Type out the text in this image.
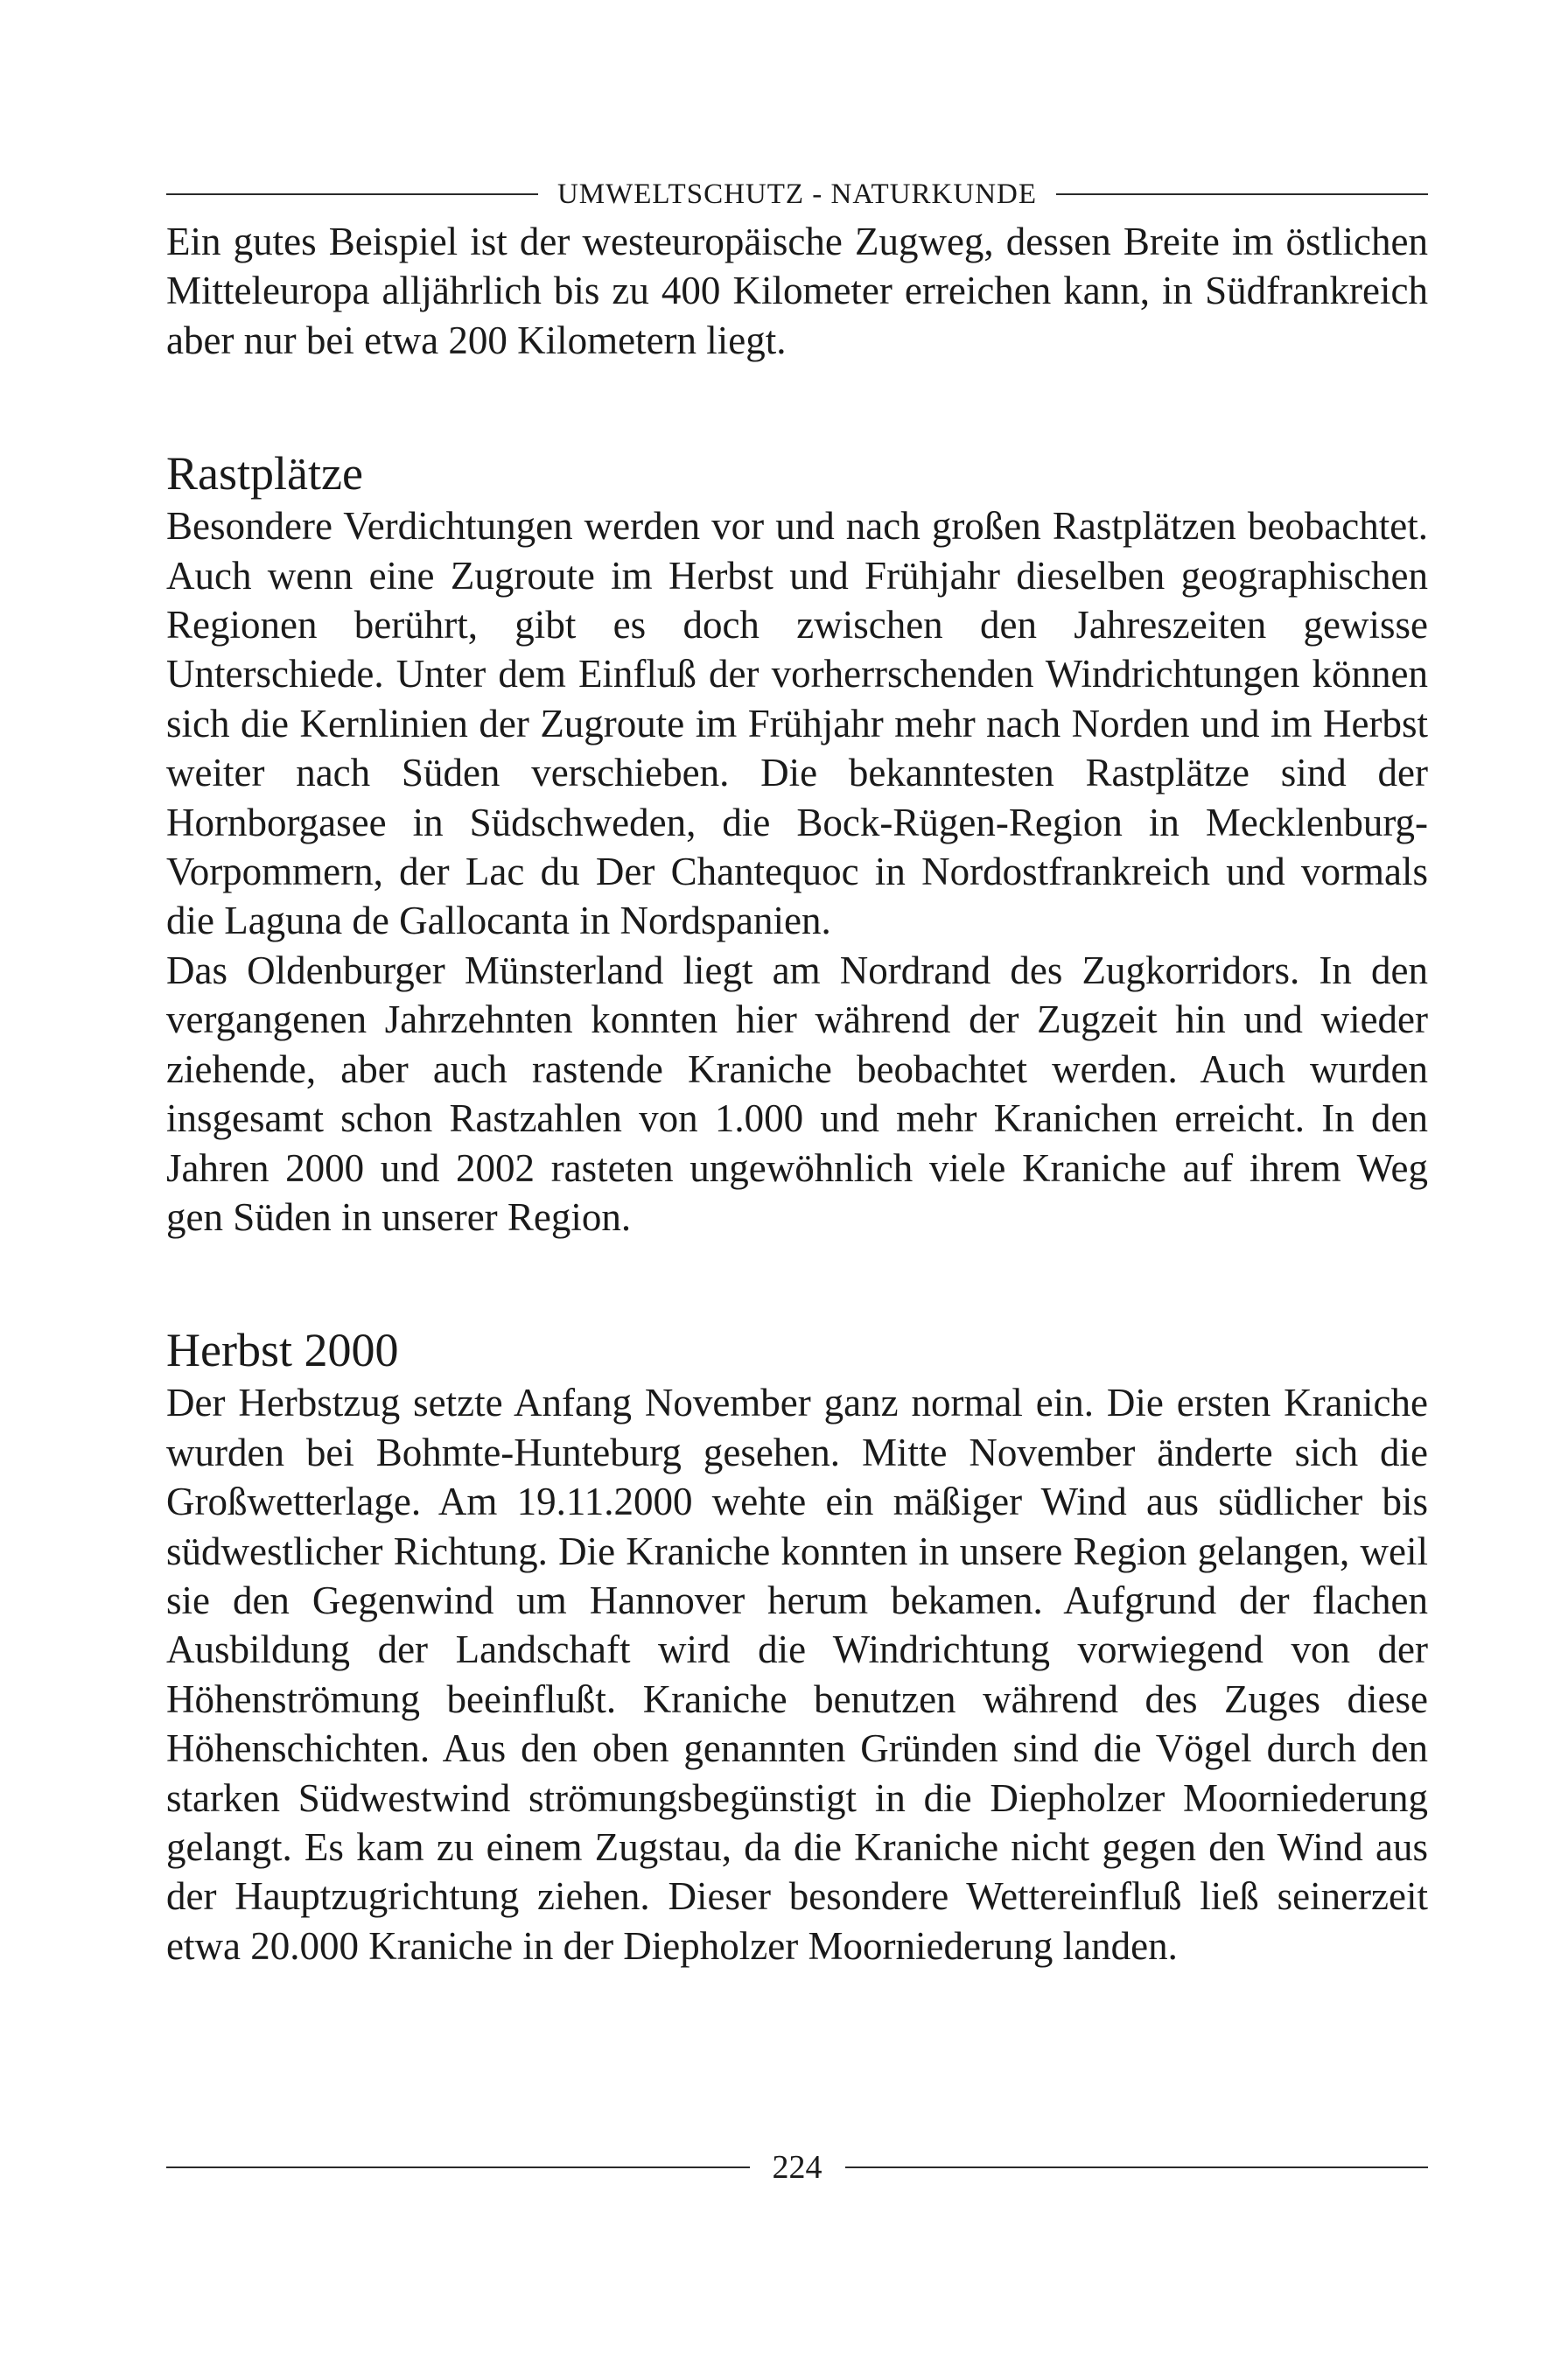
UMWELTSCHUTZ - NATURKUNDE

Ein gutes Beispiel ist der westeuropäische Zugweg, dessen Breite im östlichen Mitteleuropa alljährlich bis zu 400 Kilometer erreichen kann, in Südfrankreich aber nur bei etwa 200 Kilometern liegt.

Rastplätze

Besondere Verdichtungen werden vor und nach großen Rastplätzen beobachtet. Auch wenn eine Zugroute im Herbst und Frühjahr dieselben geographischen Regionen berührt, gibt es doch zwischen den Jahreszeiten gewisse Unterschiede. Unter dem Einfluß der vorherrschenden Windrichtungen können sich die Kernlinien der Zugroute im Frühjahr mehr nach Norden und im Herbst weiter nach Süden verschieben. Die bekanntesten Rastplätze sind der Hornborgasee in Südschweden, die Bock-Rügen-Region in Mecklenburg-Vorpommern, der Lac du Der Chantequoc in Nordostfrankreich und vormals die Laguna de Gallocanta in Nordspanien.

Das Oldenburger Münsterland liegt am Nordrand des Zugkorridors. In den vergangenen Jahrzehnten konnten hier während der Zugzeit hin und wieder ziehende, aber auch rastende Kraniche beobachtet werden. Auch wurden insgesamt schon Rastzahlen von 1.000 und mehr Kranichen erreicht. In den Jahren 2000 und 2002 rasteten ungewöhnlich viele Kraniche auf ihrem Weg gen Süden in unserer Region.

Herbst 2000

Der Herbstzug setzte Anfang November ganz normal ein. Die ersten Kraniche wurden bei Bohmte-Hunteburg gesehen. Mitte November änderte sich die Großwetterlage. Am 19.11.2000 wehte ein mäßiger Wind aus südlicher bis südwestlicher Richtung. Die Kraniche konnten in unsere Region gelangen, weil sie den Gegenwind um Hannover herum bekamen. Aufgrund der flachen Ausbildung der Landschaft wird die Windrichtung vorwiegend von der Höhenströmung beeinflußt. Kraniche benutzen während des Zuges diese Höhenschichten. Aus den oben genannten Gründen sind die Vögel durch den starken Südwestwind strömungsbegünstigt in die Diepholzer Moorniederung gelangt. Es kam zu einem Zugstau, da die Kraniche nicht gegen den Wind aus der Hauptzugrichtung ziehen. Dieser besondere Wettereinfluß ließ seinerzeit etwa 20.000 Kraniche in der Diepholzer Moorniederung landen.

224
